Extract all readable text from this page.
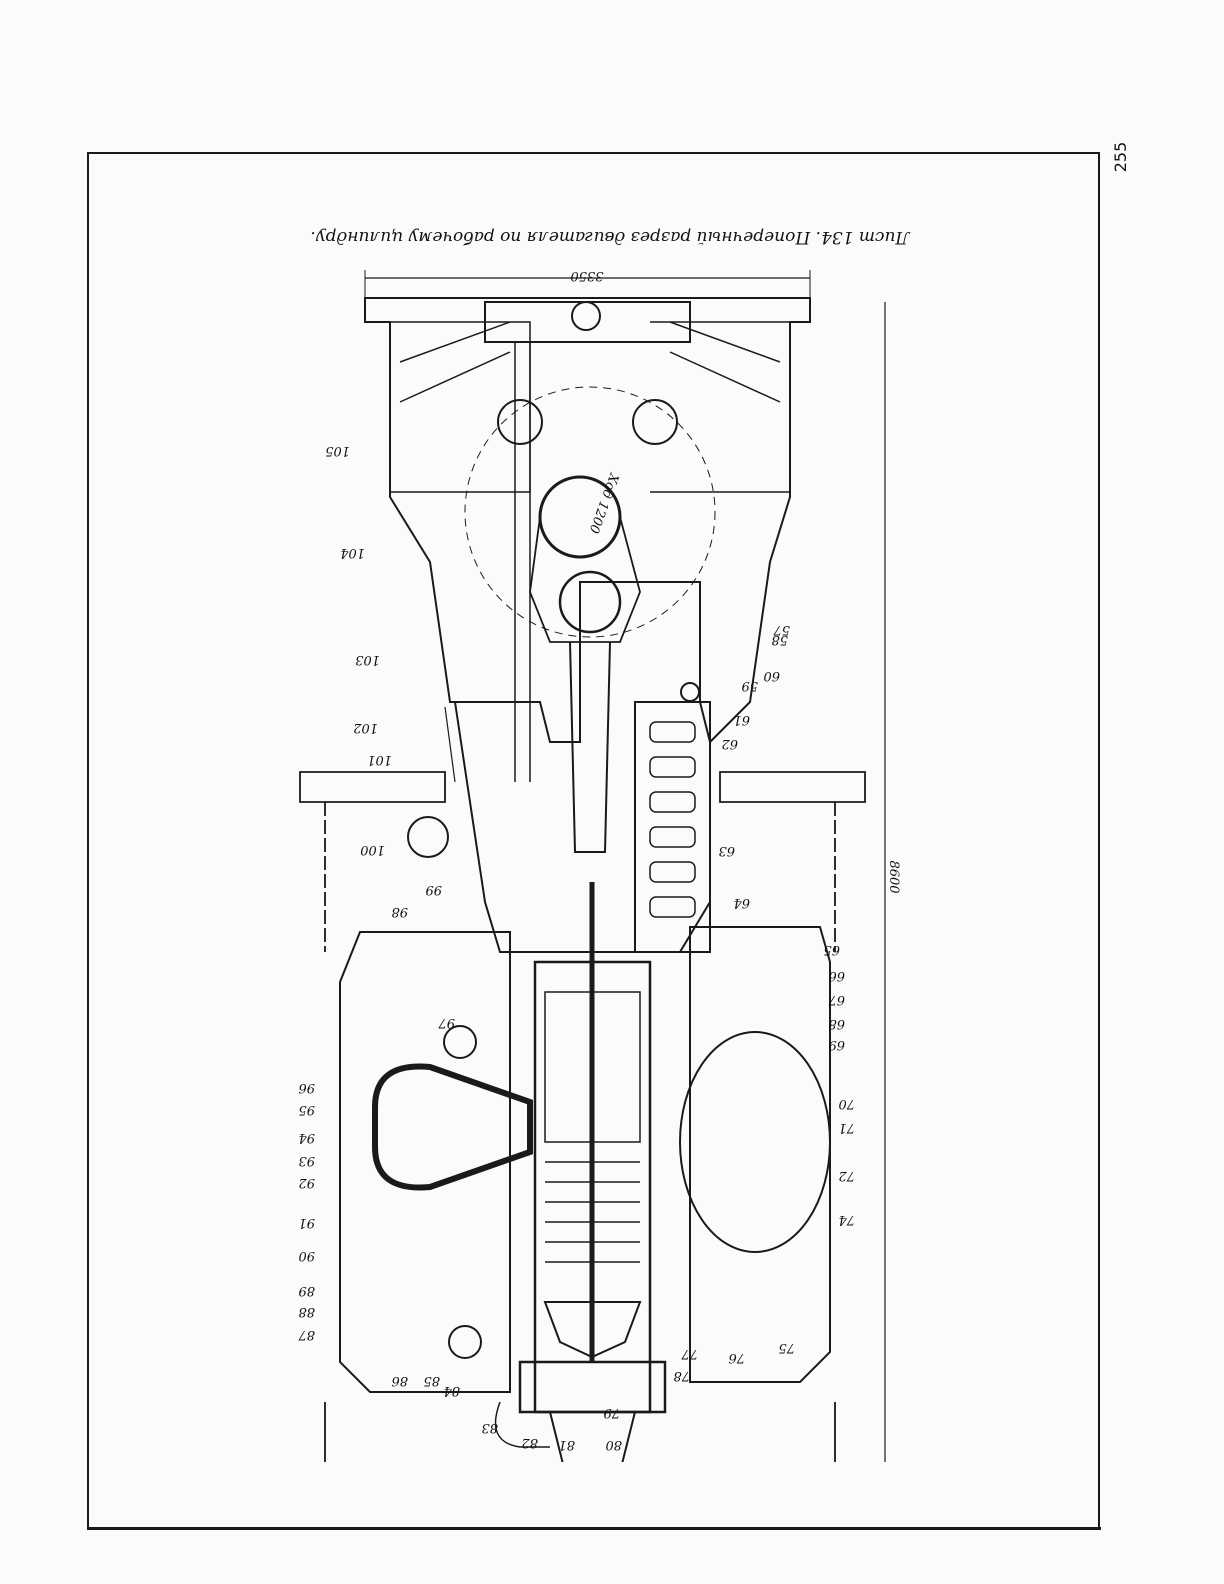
255
Лист 134. Поперечный разрез двигателя по рабочему цилиндру.
3350
8600
Ход 1200
105
104
103
102
101
100
99
98
97
96
95
94
93
92
91
90
89
88
87
86 85
84
83
82 81 80
79
78
77
57
58
59
60
61
62
63
64
65
66
67
68
69
70
71
72
74
75
76
